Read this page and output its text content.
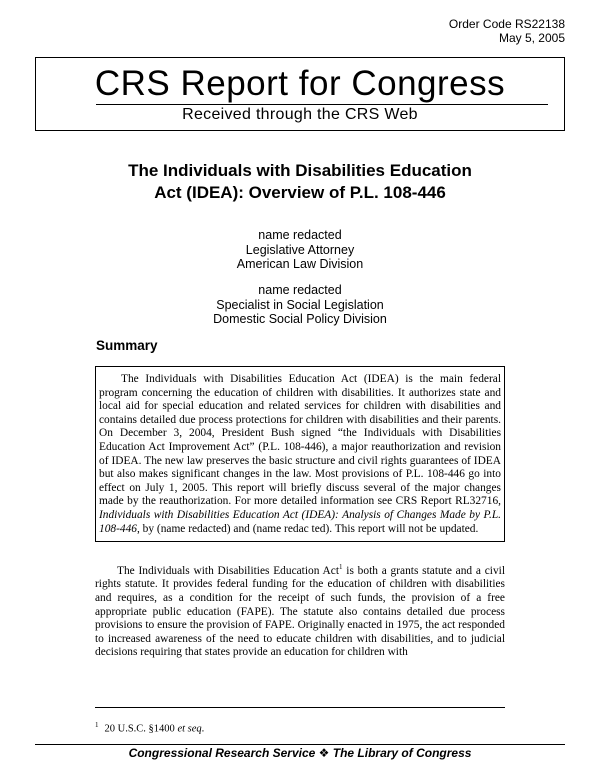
Order Code RS22138
May 5, 2005
CRS Report for Congress
Received through the CRS Web
The Individuals with Disabilities Education
Act (IDEA): Overview of P.L. 108-446
name redacted
Legislative Attorney
American Law Division
name redacted
Specialist in Social Legislation
Domestic Social Policy Division
Summary

The Individuals with Disabilities Education Act (IDEA) is the main federal program concerning the education of children with disabilities. It authorizes state and local aid for special education and related services for children with disabilities and contains detailed due process protections for children with disabilities and their parents. On December 3, 2004, President Bush signed “the Individuals with Disabilities Education Act Improvement Act” (P.L. 108-446), a major reauthorization and revision of IDEA. The new law preserves the basic structure and civil rights guarantees of IDEA but also makes significant changes in the law. Most provisions of P.L. 108-446 go into effect on July 1, 2005. This report will briefly discuss several of the major changes made by the reauthorization. For more detailed information see CRS Report RL32716, Individuals with Disabilities Education Act (IDEA): Analysis of Changes Made by P.L. 108-446, by (name redacted) and (name redac ted). This report will not be updated.

The Individuals with Disabilities Education Act$^1$ is both a grants statute and a civil rights statute. It provides federal funding for the education of children with disabilities and requires, as a condition for the receipt of such funds, the provision of a free appropriate public education (FAPE). The statute also contains detailed due process provisions to ensure the provision of FAPE. Originally enacted in 1975, the act responded to increased awareness of the need to educate children with disabilities, and to judicial decisions requiring that states provide an education for children with

$^1$ 20 U.S.C. §1400 et seq.
Congressional Research Service ❖ The Library of Congress
